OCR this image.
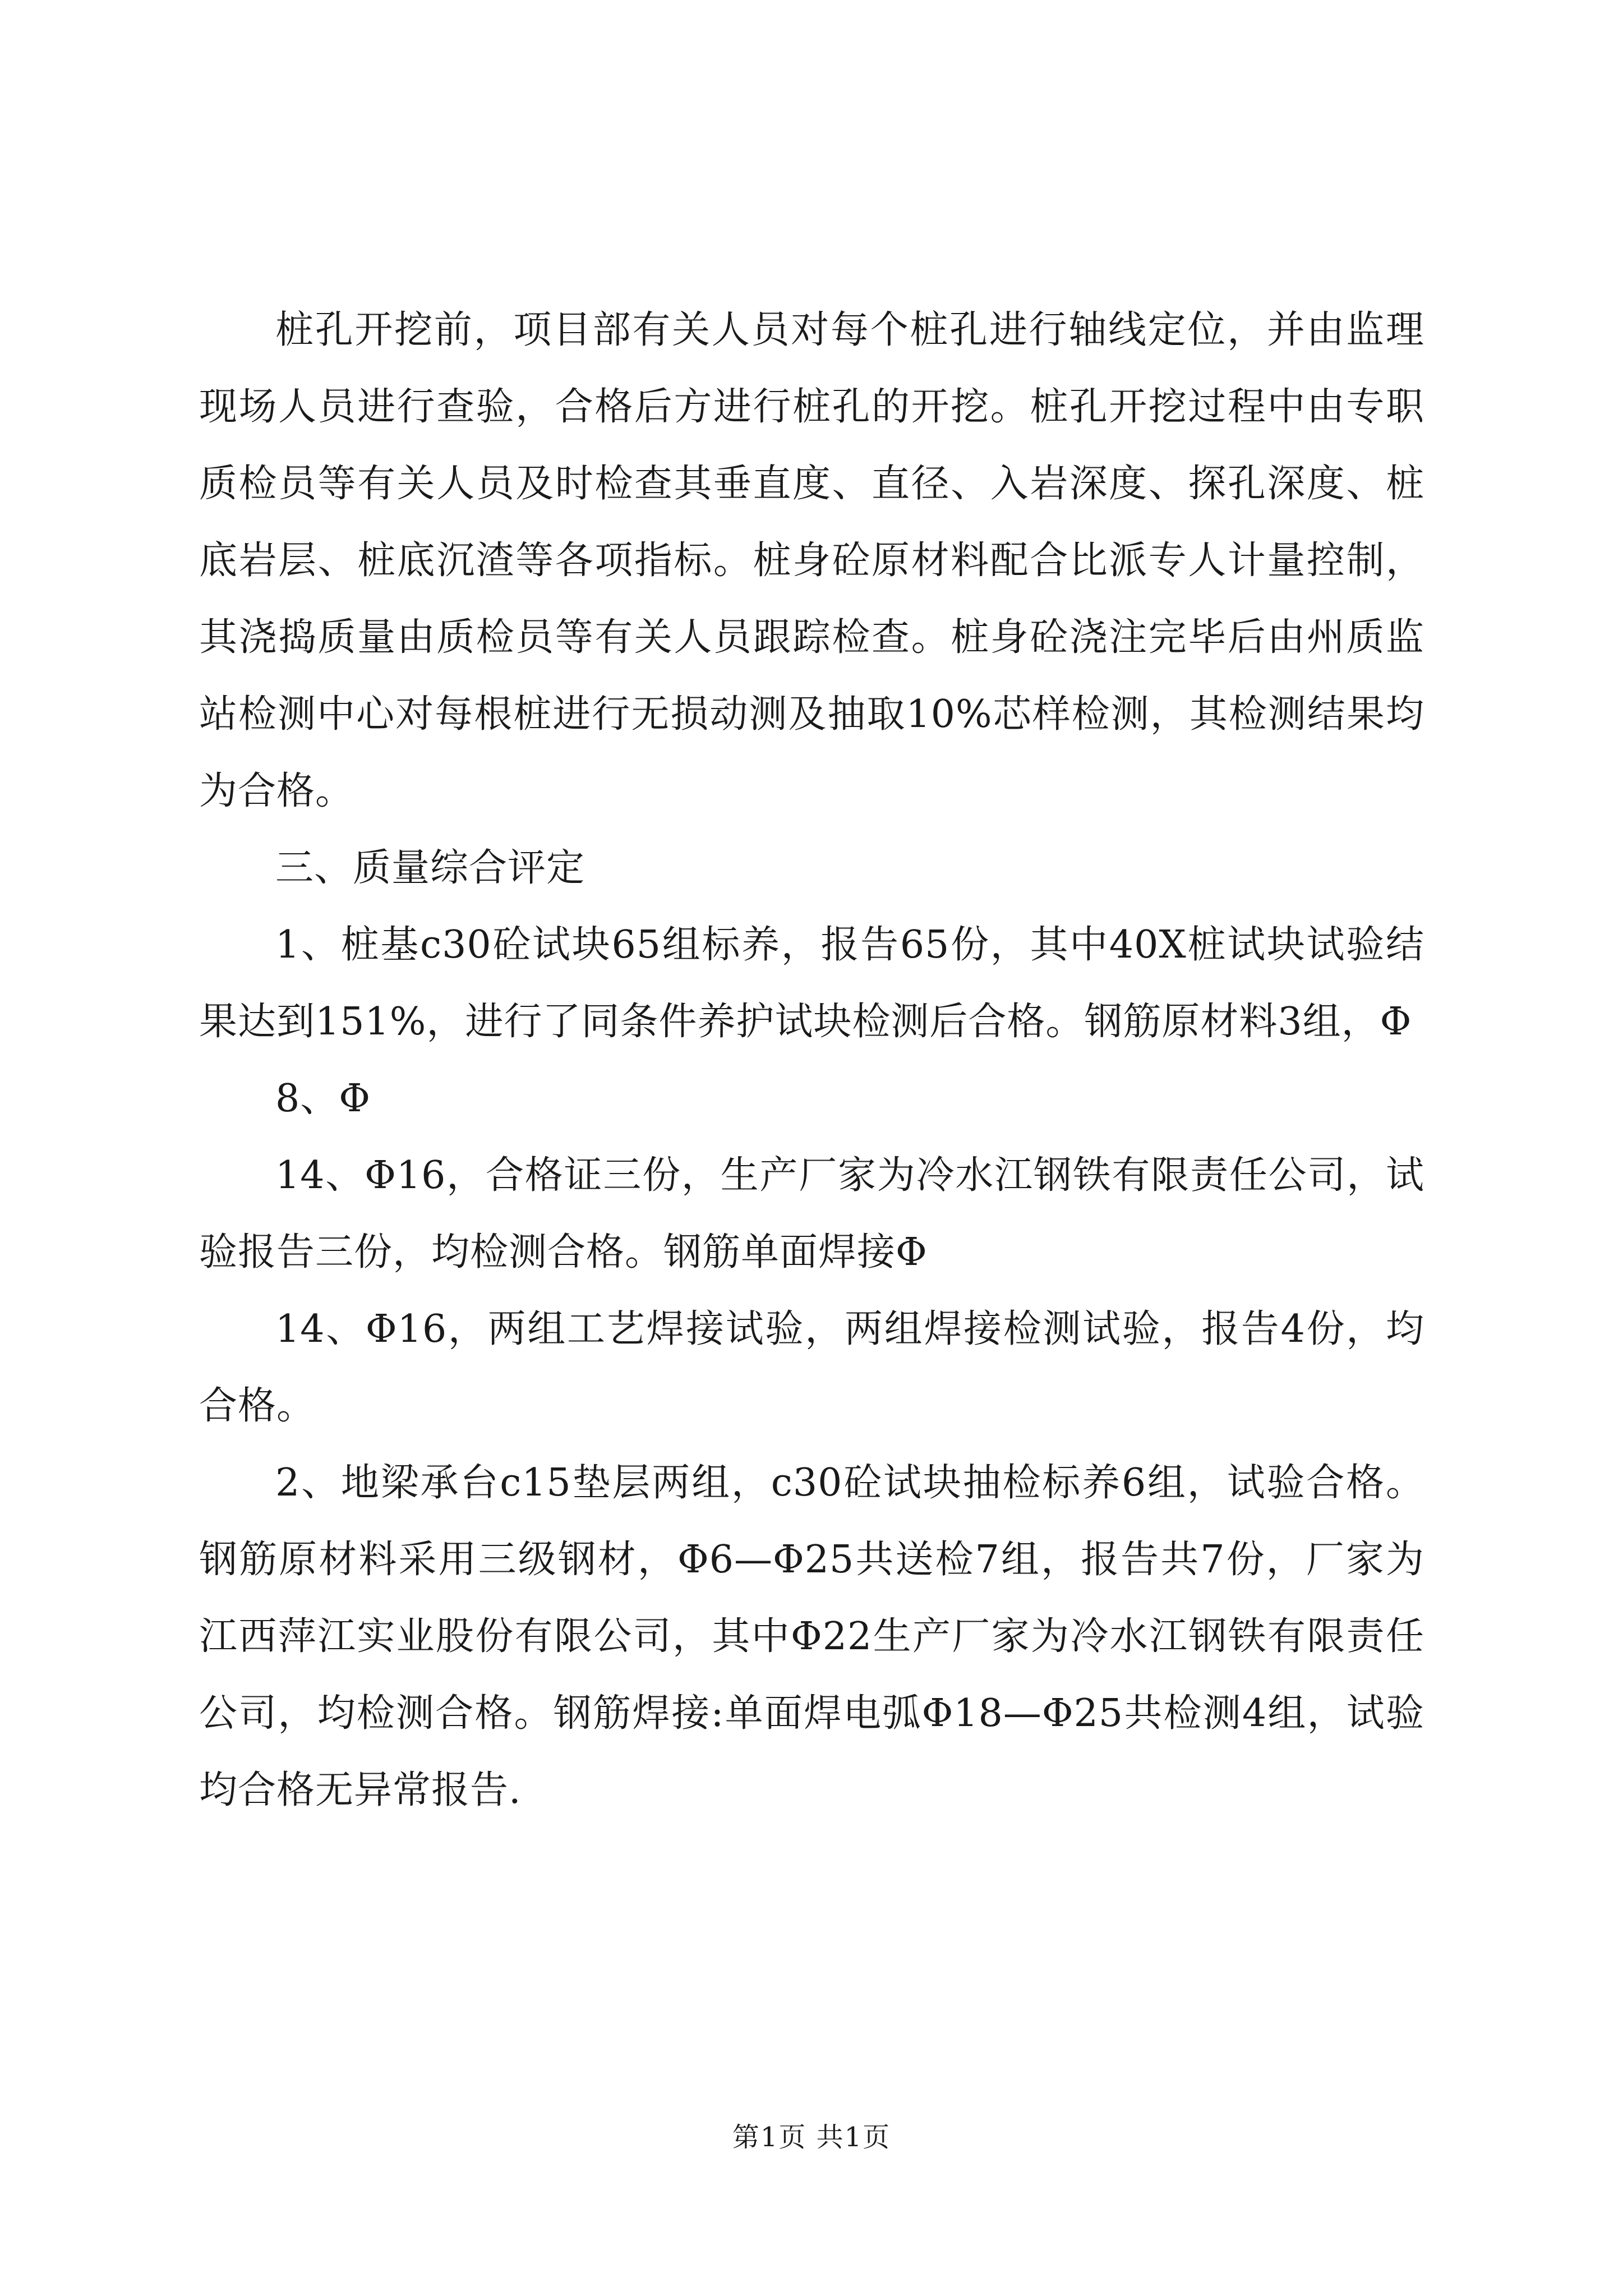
桩孔开挖前，项目部有关人员对每个桩孔进行轴线定位，并由监理现场人员进行查验，合格后方进行桩孔的开挖。桩孔开挖过程中由专职质检员等有关人员及时检查其垂直度、直径、入岩深度、探孔深度、桩底岩层、桩底沉渣等各项指标。桩身砼原材料配合比派专人计量控制，其浇捣质量由质检员等有关人员跟踪检查。桩身砼浇注完毕后由州质监站检测中心对每根桩进行无损动测及抽取10%芯样检测，其检测结果均为合格。

三、质量综合评定

1、桩基c30砼试块65组标养，报告65份，其中40X桩试块试验结果达到151%，进行了同条件养护试块检测后合格。钢筋原材料3组，Φ

8、Φ

14、Φ16，合格证三份，生产厂家为冷水江钢铁有限责任公司，试验报告三份，均检测合格。钢筋单面焊接Φ

14、Φ16，两组工艺焊接试验，两组焊接检测试验，报告4份，均合格。

2、地梁承台c15垫层两组，c30砼试块抽检标养6组，试验合格。钢筋原材料采用三级钢材，Φ6—Φ25共送检7组，报告共7份，厂家为江西萍江实业股份有限公司，其中Φ22生产厂家为冷水江钢铁有限责任公司，均检测合格。钢筋焊接:单面焊电弧Φ18—Φ25共检测4组，试验均合格无异常报告.

第1页 共1页
